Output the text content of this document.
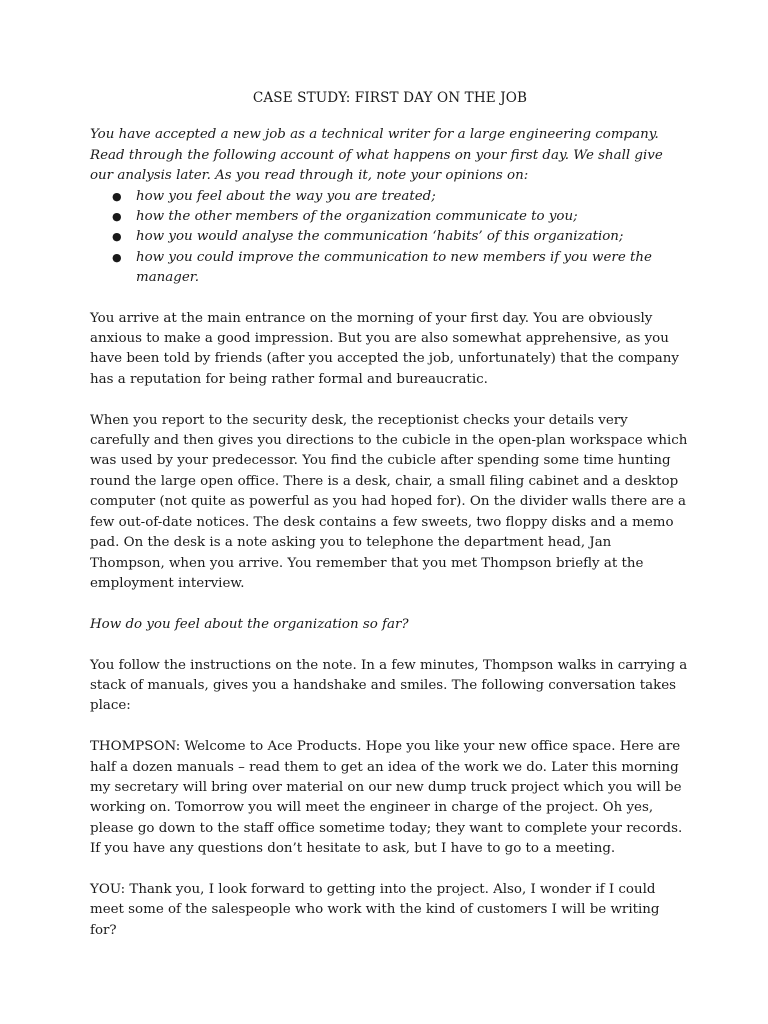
CASE STUDY: FIRST DAY ON THE JOB

You have accepted a new job as a technical writer for a large engineering company. Read through the following account of what happens on your first day. We shall give our analysis later. As you read through it, note your opinions on:

● how you feel about the way you are treated;
● how the other members of the organization communicate to you;
● how you would analyse the communication ‘habits’ of this organization;
● how you could improve the communication to new members if you were the manager.

You arrive at the main entrance on the morning of your first day. You are obviously anxious to make a good impression. But you are also somewhat apprehensive, as you have been told by friends (after you accepted the job, unfortunately) that the company has a reputation for being rather formal and bureaucratic.

When you report to the security desk, the receptionist checks your details very carefully and then gives you directions to the cubicle in the open-plan workspace which was used by your predecessor. You find the cubicle after spending some time hunting round the large open office. There is a desk, chair, a small filing cabinet and a desktop computer (not quite as powerful as you had hoped for). On the divider walls there are a few out-of-date notices. The desk contains a few sweets, two floppy disks and a memo pad. On the desk is a note asking you to telephone the department head, Jan Thompson, when you arrive. You remember that you met Thompson briefly at the employment interview.

How do you feel about the organization so far?

You follow the instructions on the note. In a few minutes, Thompson walks in carrying a stack of manuals, gives you a handshake and smiles. The following conversation takes place:

THOMPSON: Welcome to Ace Products. Hope you like your new office space. Here are half a dozen manuals – read them to get an idea of the work we do. Later this morning my secretary will bring over material on our new dump truck project which you will be working on. Tomorrow you will meet the engineer in charge of the project. Oh yes, please go down to the staff office sometime today; they want to complete your records. If you have any questions don’t hesitate to ask, but I have to go to a meeting.

YOU: Thank you, I look forward to getting into the project. Also, I wonder if I could meet some of the salespeople who work with the kind of customers I will be writing for?
